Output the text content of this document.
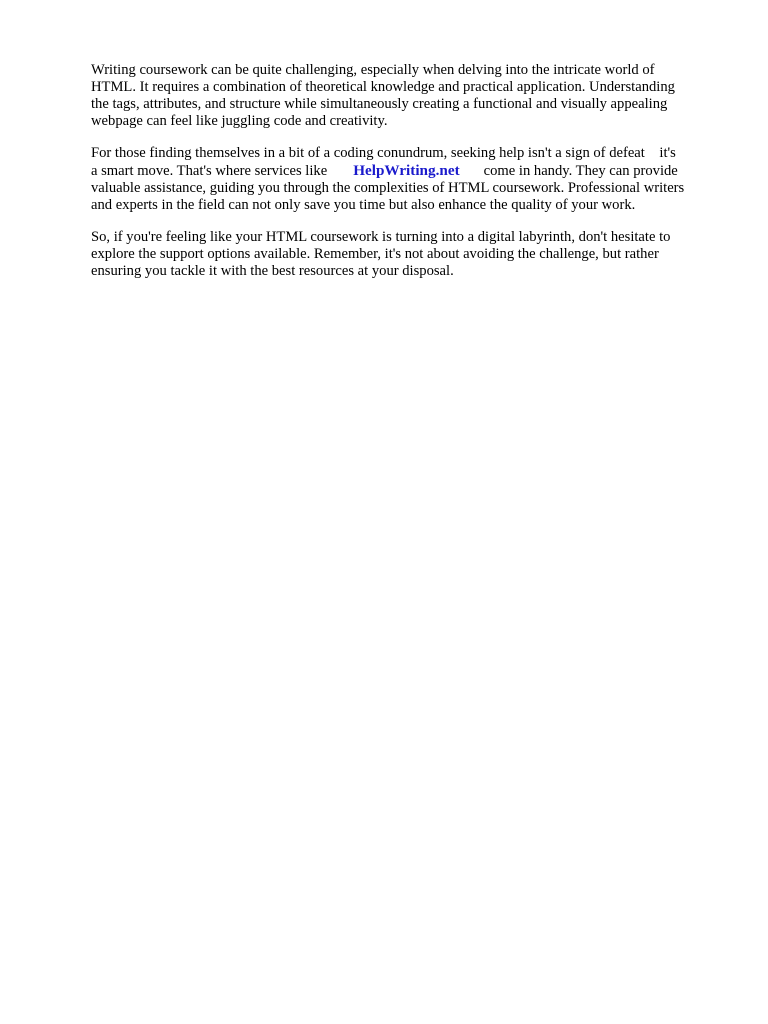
Writing coursework can be quite challenging, especially when delving into the intricate world of
HTML. It requires a combination of theoretical knowledge and practical application. Understanding
the tags, attributes, and structure while simultaneously creating a functional and visually appealing
webpage can feel like juggling code and creativity.
For those finding themselves in a bit of a coding conundrum, seeking help isn't a sign of defeat    it's
a smart move. That's where services like HelpWriting.net come in handy. They can provide
valuable assistance, guiding you through the complexities of HTML coursework. Professional writers
and experts in the field can not only save you time but also enhance the quality of your work.
So, if you're feeling like your HTML coursework is turning into a digital labyrinth, don't hesitate to
explore the support options available. Remember, it's not about avoiding the challenge, but rather
ensuring you tackle it with the best resources at your disposal.
